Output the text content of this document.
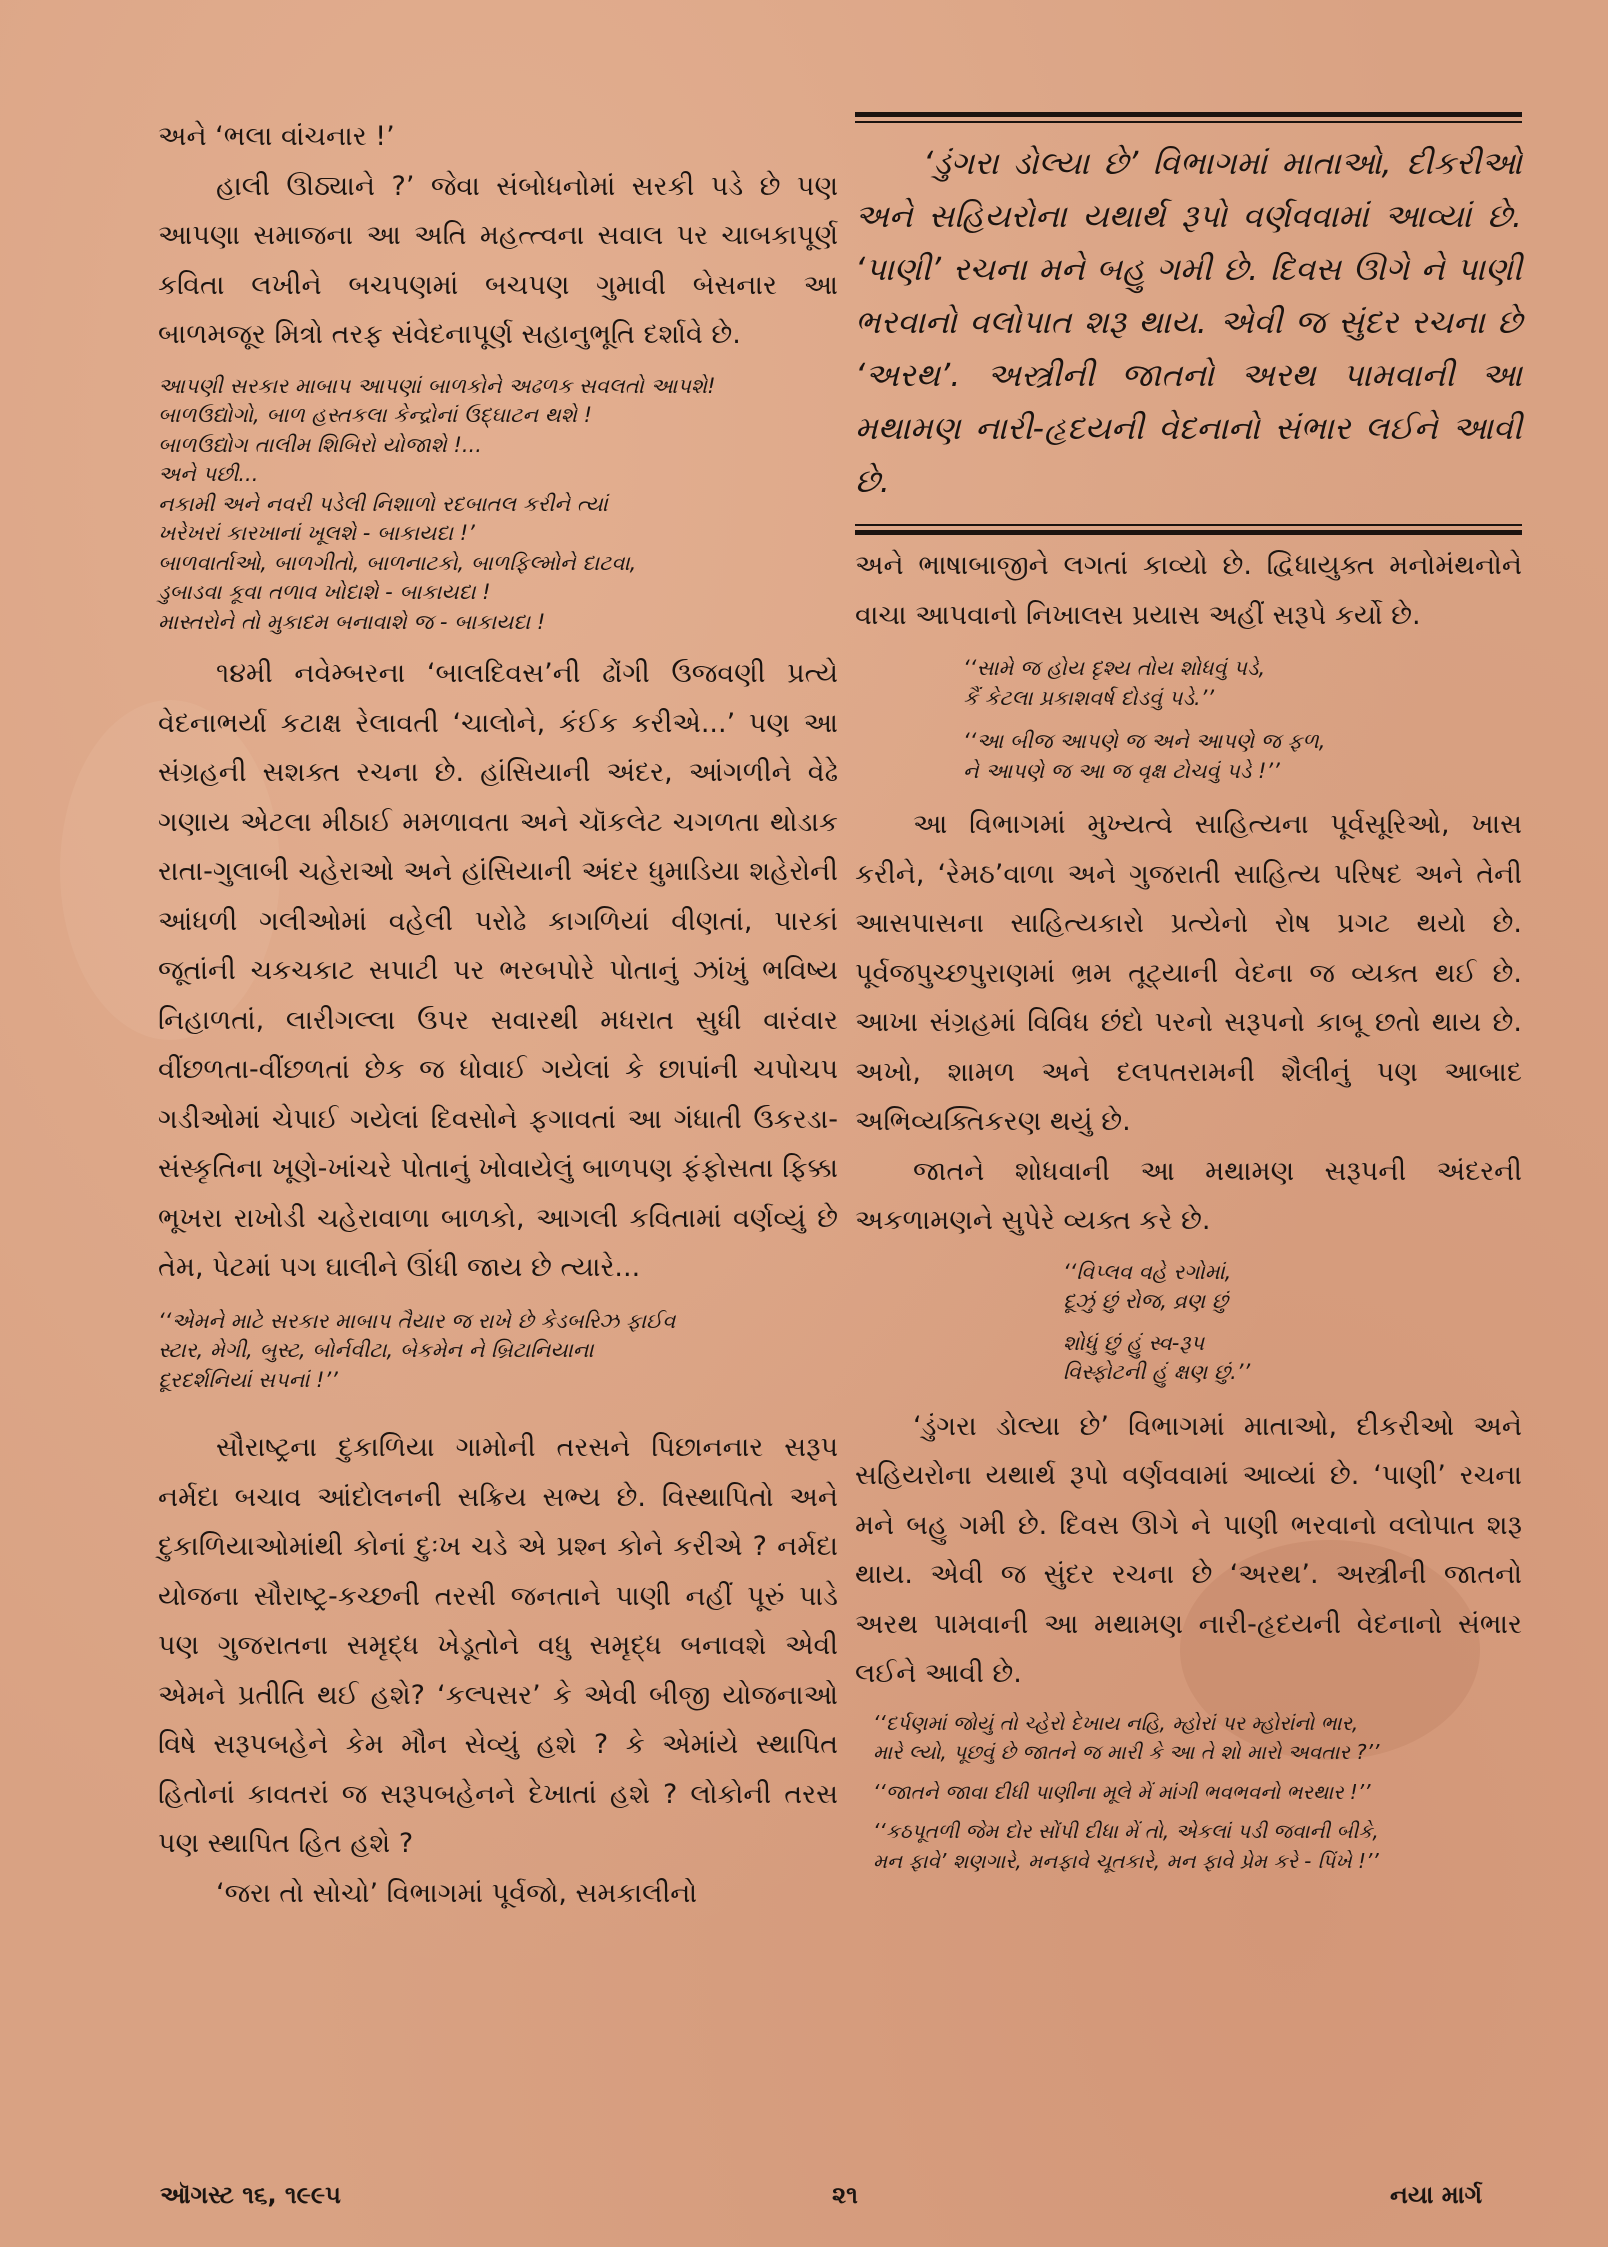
અને ‘ભલા વાંચનાર !’

હાલી ઊઠ્યાને ?’ જેવા સંબોધનોમાં સરકી પડે છે પણ આપણા સમાજના આ અતિ મહત્ત્વના સવાલ પર ચાબકાપૂર્ણ કવિતા લખીને બચપણમાં બચપણ ગુમાવી બેસનાર આ બાળમજૂર મિત્રો તરફ સંવેદનાપૂર્ણ સહાનુભૂતિ દર્શાવે છે.

આપણી સરકાર માબાપ આપણાં બાળકોને અઢળક સવલતો આપશે!
બાળઉદ્યોગો, બાળ હસ્તકલા કેન્દ્રોનાં ઉદ્ઘાટન થશે !
બાળઉદ્યોગ તાલીમ શિબિરો યોજાશે !...
અને પછી...
નકામી અને નવરી પડેલી નિશાળો રદબાતલ કરીને ત્યાં
ખરેખરાં કારખાનાં ખૂલશે - બાકાયદા !’
બાળવાર્તાઓ, બાળગીતો, બાળનાટકો, બાળફિલ્મોને દાટવા,
ડુબાડવા કૂવા તળાવ ખોદાશે - બાકાયદા !
માસ્તરોને તો મુકાદમ બનાવાશે જ - બાકાયદા !

૧૪મી નવેમ્બરના ‘બાલદિવસ’ની ઢોંગી ઉજવણી પ્રત્યે વેદનાભર્યા કટાક્ષ રેલાવતી ‘ચાલોને, કંઈક કરીએ...’ પણ આ સંગ્રહની સશક્ત રચના છે. હાંસિયાની અંદર, આંગળીને વેઢે ગણાય એટલા મીઠાઈ મમળાવતા અને ચૉકલેટ ચગળતા થોડાક રાતા-ગુલાબી ચહેરાઓ અને હાંસિયાની અંદર ધુમાડિયા શહેરોની આંધળી ગલીઓમાં વહેલી પરોઢે કાગળિયાં વીણતાં, પારકાં જૂતાંની ચકચકાટ સપાટી પર ભરબપોરે પોતાનું ઝાંખું ભવિષ્ય નિહાળતાં, લારીગલ્લા ઉપર સવારથી મધરાત સુધી વારંવાર વીંછળતા-વીંછળતાં છેક જ ધોવાઈ ગયેલાં કે છાપાંની ચપોચપ ગડીઓમાં ચેપાઈ ગયેલાં દિવસોને ફગાવતાં આ ગંધાતી ઉકરડા-સંસ્કૃતિના ખૂણે-ખાંચરે પોતાનું ખોવાયેલું બાળપણ ફંફોસતા ફિક્કા ભૂખરા રાખોડી ચહેરાવાળા બાળકો, આગલી કવિતામાં વર્ણવ્યું છે તેમ, પેટમાં પગ ઘાલીને ઊંધી જાય છે ત્યારે...

‘‘એમને માટે સરકાર માબાપ તૈયાર જ રાખે છે કેડબરિઝ ફાઈવ
સ્ટાર, મેગી, બુસ્ટ, બોર્નવીટા, બેકમેન ને બ્રિટાનિયાના
દૂરદર્શનિયાં સપનાં !’’

સૌરાષ્ટ્રના દુકાળિયા ગામોની તરસને પિછાનનાર સરૂપ નર્મદા બચાવ આંદોલનની સક્રિય સભ્ય છે. વિસ્થાપિતો અને દુકાળિયાઓમાંથી કોનાં દુઃખ ચડે એ પ્રશ્ન કોને કરીએ ? નર્મદા યોજના સૌરાષ્ટ્ર-કચ્છની તરસી જનતાને પાણી નહીં પૂરું પાડે પણ ગુજરાતના સમૃદ્ધ ખેડૂતોને વધુ સમૃદ્ધ બનાવશે એવી એમને પ્રતીતિ થઈ હશે? ‘કલ્પસર’ કે એવી બીજી યોજનાઓ વિષે સરૂપબહેને કેમ મૌન સેવ્યું હશે ? કે એમાંયે સ્થાપિત હિતોનાં કાવતરાં જ સરૂપબહેનને દેખાતાં હશે ? લોકોની તરસ પણ સ્થાપિત હિત હશે ?

‘જરા તો સોચો’ વિભાગમાં પૂર્વજો, સમકાલીનો

‘ડુંગરા ડોલ્યા છે’ વિભાગમાં માતાઓ, દીકરીઓ અને સહિયરોના યથાર્થ રૂપો વર્ણવવામાં આવ્યાં છે. ‘પાણી’ રચના મને બહુ ગમી છે. દિવસ ઊગે ને પાણી ભરવાનો વલોપાત શરૂ થાય. એવી જ સુંદર રચના છે ‘અરથ’. અસ્ત્રીની જાતનો અરથ પામવાની આ મથામણ નારી-હૃદયની વેદનાનો સંભાર લઈને આવી છે.

અને ભાષાબાજીને લગતાં કાવ્યો છે. દ્વિધાયુક્ત મનોમંથનોને વાચા આપવાનો નિખાલસ પ્રયાસ અહીં સરૂપે કર્યો છે.

‘‘સામે જ હોય દૃશ્ય તોય શોધવું પડે,
કૈં કેટલા પ્રકાશવર્ષ દોડવું પડે.’’
‘‘આ બીજ આપણે જ અને આપણે જ ફળ,
ને આપણે જ આ જ વૃક્ષ ટોચવું પડે !’’

આ વિભાગમાં મુખ્યત્વે સાહિત્યના પૂર્વસૂરિઓ, ખાસ કરીને, ‘રેમઠ’વાળા અને ગુજરાતી સાહિત્ય પરિષદ અને તેની આસપાસના સાહિત્યકારો પ્રત્યેનો રોષ પ્રગટ થયો છે. પૂર્વજપુચ્છપુરાણમાં ભ્રમ તૂટ્યાની વેદના જ વ્યક્ત થઈ છે. આખા સંગ્રહમાં વિવિધ છંદો પરનો સરૂપનો કાબૂ છતો થાય છે. અખો, શામળ અને દલપતરામની શૈલીનું પણ આબાદ અભિવ્યક્તિકરણ થયું છે.

જાતને શોધવાની આ મથામણ સરૂપની અંદરની અકળામણને સુપેરે વ્યક્ત કરે છે.

‘‘વિપ્લવ વહે રગોમાં,
દૂઝું છું રોજ, વ્રણ છું
શોધું છું હું સ્વ-રૂપ
વિસ્ફોટની હું ક્ષણ છું.’’

‘ડુંગરા ડોલ્યા છે’ વિભાગમાં માતાઓ, દીકરીઓ અને સહિયરોના યથાર્થ રૂપો વર્ણવવામાં આવ્યાં છે. ‘પાણી’ રચના મને બહુ ગમી છે. દિવસ ઊગે ને પાણી ભરવાનો વલોપાત શરૂ થાય. એવી જ સુંદર રચના છે ‘અરથ’. અસ્ત્રીની જાતનો અરથ પામવાની આ મથામણ નારી-હૃદયની વેદનાનો સંભાર લઈને આવી છે.

‘‘દર્પણમાં જોયું તો ચ્હેરો દેખાય નહિ, મ્હોરાં પર મ્હોરાંનો ભાર,
મારે લ્યો, પૂછવું છે જાતને જ મારી કે આ તે શો મારો અવતાર ?’’
‘‘જાતને જાવા દીધી પાણીના મૂલે મેં માંગી ભવભવનો ભરથાર !’’
‘‘કઠપૂતળી જેમ દોર સોંપી દીધા મેં તો, એકલાં પડી જવાની બીકે,
મન ફાવે’ શણગારે, મનફાવે ચૂતકારે, મન ફાવે પ્રેમ કરે - પિંખે !’’
ઑગસ્ટ ૧૬, ૧૯૯૫	૨૧	નયા માર્ગ
